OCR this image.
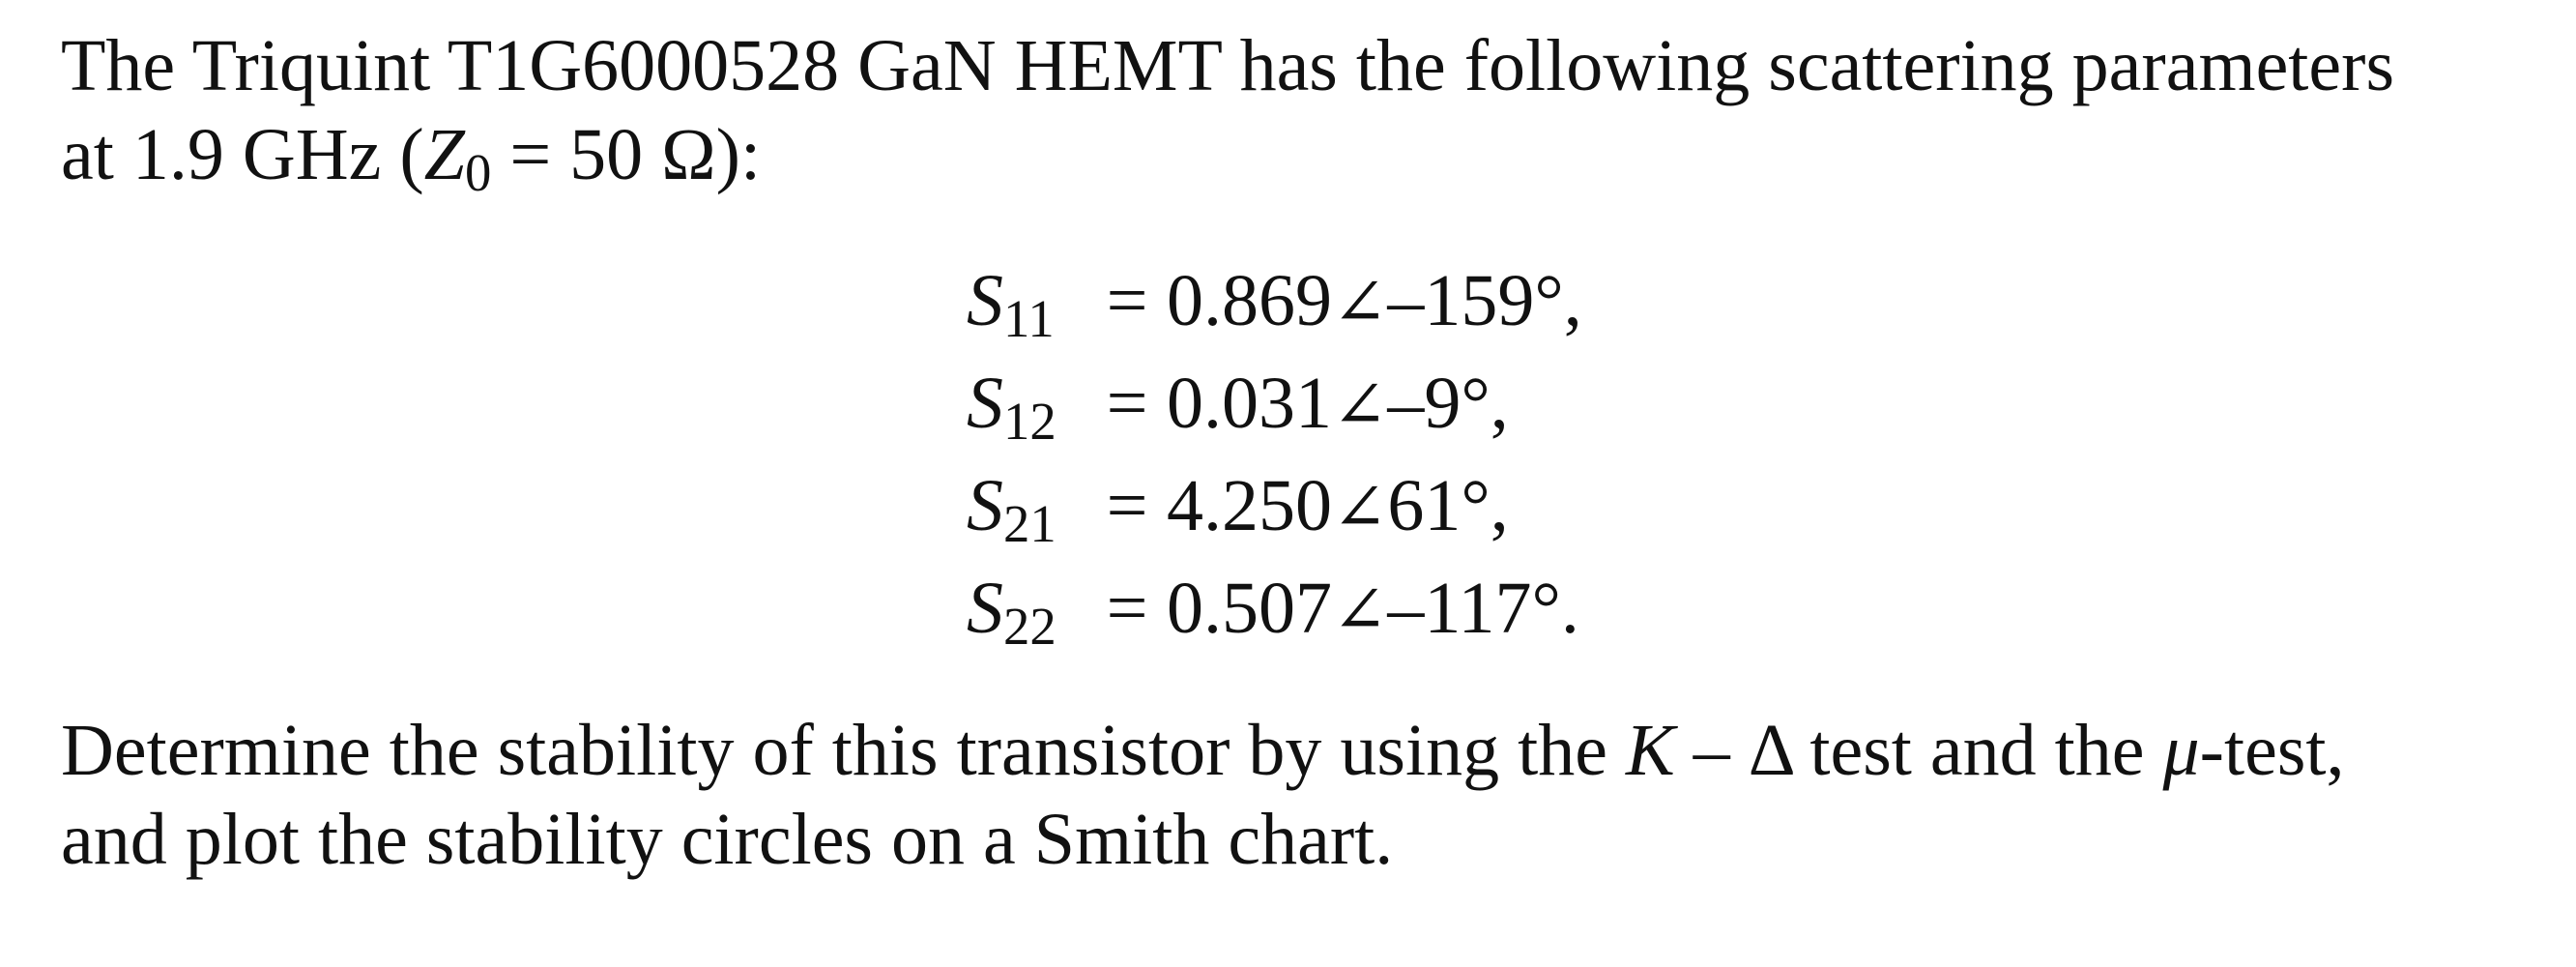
The Triquint T1G6000528 GaN HEMT has the following scattering parameters
at 1.9 GHz ($Z_0 = 50$ Ω):
$S_{11}$ = 0.869∠–159°,
$S_{12}$ = 0.031∠–9°,
$S_{21}$ = 4.250∠61°,
$S_{22}$ = 0.507∠–117°.
Determine the stability of this transistor by using the K – Δ test and the μ-test,
and plot the stability circles on a Smith chart.
